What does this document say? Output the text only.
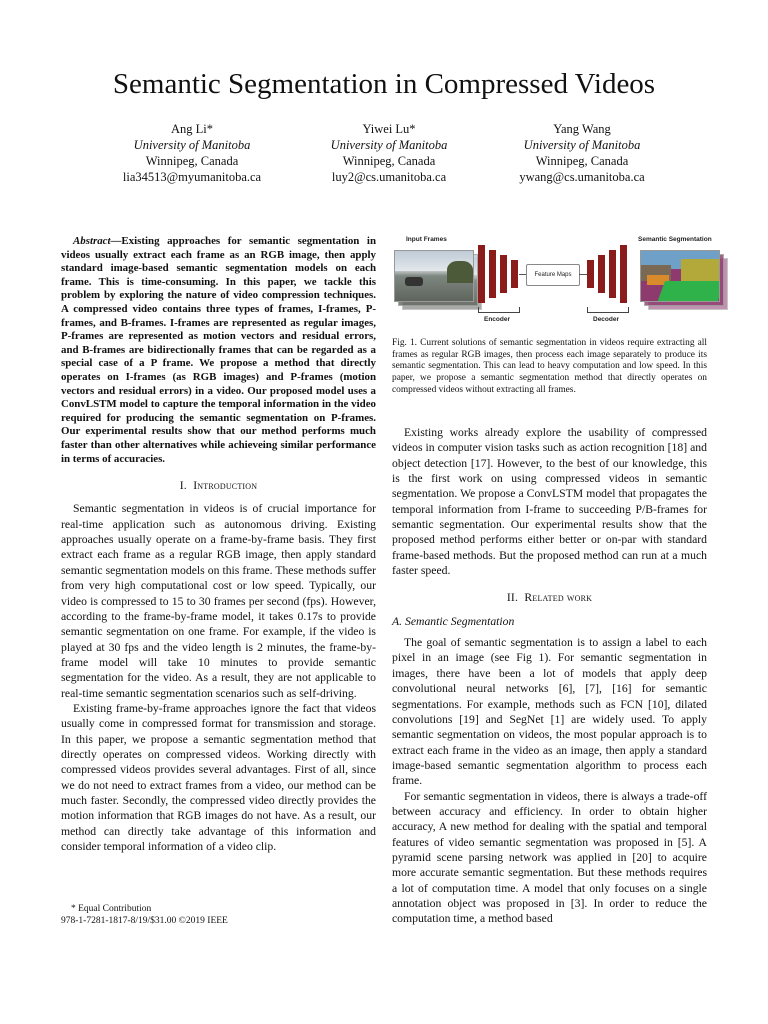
Semantic Segmentation in Compressed Videos
Ang Li*
University of Manitoba
Winnipeg, Canada
lia34513@myumanitoba.ca
Yiwei Lu*
University of Manitoba
Winnipeg, Canada
luy2@cs.umanitoba.ca
Yang Wang
University of Manitoba
Winnipeg, Canada
ywang@cs.umanitoba.ca

Abstract—Existing approaches for semantic segmentation in videos usually extract each frame as an RGB image, then apply standard image-based semantic segmentation models on each frame. This is time-consuming. In this paper, we tackle this problem by exploring the nature of video compression techniques. A compressed video contains three types of frames, I-frames, P-frames, and B-frames. I-frames are represented as regular images, P-frames are represented as motion vectors and residual errors, and B-frames are bidirectionally frames that can be regarded as a special case of a P frame. We propose a method that directly operates on I-frames (as RGB images) and P-frames (motion vectors and residual errors) in a video. Our proposed model uses a ConvLSTM model to capture the temporal information in the video required for producing the semantic segmentation on P-frames. Our experimental results show that our method performs much faster than other alternatives while achieveing similar performance in terms of accuracies.

I. Introduction

Semantic segmentation in videos is of crucial importance for real-time application such as autonomous driving. Existing approaches usually operate on a frame-by-frame basis. They first extract each frame as a regular RGB image, then apply standard semantic segmentation models on this frame. These methods suffer from very high computational cost or low speed. Typically, our video is compressed to 15 to 30 frames per second (fps). However, according to the frame-by-frame model, it takes 0.17s to provide semantic segmentation on one frame. For example, if the video is played at 30 fps and the video length is 2 minutes, the frame-by-frame model will take 10 minutes to provide semantic segmentation for the video. As a result, they are not applicable to real-time semantic segmentation scenarios such as self-driving.

Existing frame-by-frame approaches ignore the fact that videos usually come in compressed format for transmission and storage. In this paper, we propose a semantic segmentation method that directly operates on compressed videos. Working directly with compressed videos provides several advantages. First of all, since we do not need to extract frames from a video, our method can be much faster. Secondly, the compressed video directly provides the motion information that RGB images do not have. As a result, our method can directly take advantage of this information and consider temporal information of a video clip.

* Equal Contribution
978-1-7281-1817-8/19/$31.00 ©2019 IEEE
Input Frames	Semantic Segmentation
Feature Maps
Encoder	Decoder
Fig. 1. Current solutions of semantic segmentation in videos require extracting all frames as regular RGB images, then process each image separately to produce its semantic segmentation. This can lead to heavy computation and low speed. In this paper, we propose a semantic segmentation method that directly operates on compressed videos without extracting all frames.

Existing works already explore the usability of compressed videos in computer vision tasks such as action recognition [18] and object detection [17]. However, to the best of our knowledge, this is the first work on using compressed videos in semantic segmentation. We propose a ConvLSTM model that propagates the temporal information from I-frame to succeeding P/B-frames for semantic segmentation. Our experimental results show that the proposed method performs either better or on-par with standard frame-based methods. But the proposed method can run at a much faster speed.

II. Related work
A. Semantic Segmentation

The goal of semantic segmentation is to assign a label to each pixel in an image (see Fig 1). For semantic segmentation in images, there have been a lot of models that apply deep convolutional neural networks [6], [7], [16] for semantic segmentations. For example, methods such as FCN [10], dilated convolutions [19] and SegNet [1] are widely used. To apply semantic segmentation on videos, the most popular approach is to extract each frame in the video as an image, then apply a standard image-based semantic segmentation algorithm to process each frame.

For semantic segmentation in videos, there is always a trade-off between accuracy and efficiency. In order to obtain higher accuracy, A new method for dealing with the spatial and temporal features of video semantic segmentation was proposed in [5]. A pyramid scene parsing network was applied in [20] to acquire more accurate semantic segmentation. But these methods requires a lot of computation time. A model that only focuses on a single annotation object was proposed in [3]. In order to reduce the computation time, a method based
